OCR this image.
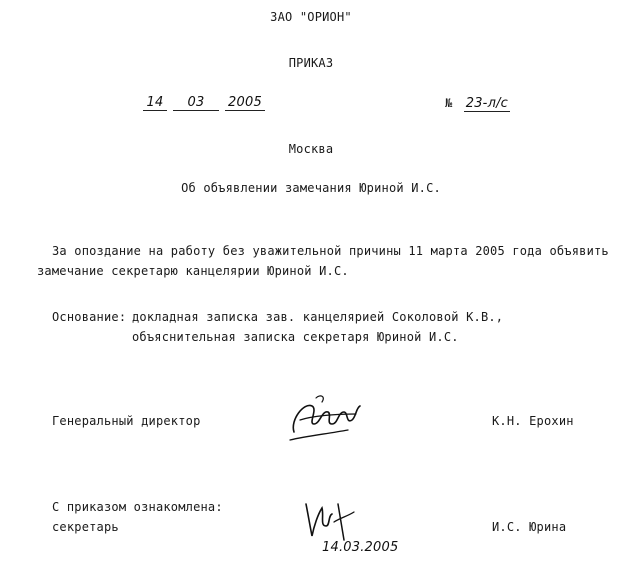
ЗАО "ОРИОН"
ПРИКАЗ
14 03 2005	№ 23-л/с
Москва
Об объявлении замечания Юриной И.С.
За опоздание на работу без уважительной причины 11 марта 2005 года объявить
замечание секретарю канцелярии Юриной И.С.
Основание: докладная записка зав. канцелярией Соколовой К.В.,
объяснительная записка секретаря Юриной И.С.
Генеральный директор	К.Н. Ерохин
С приказом ознакомлена:
секретарь
14.03.2005
И.С. Юрина
